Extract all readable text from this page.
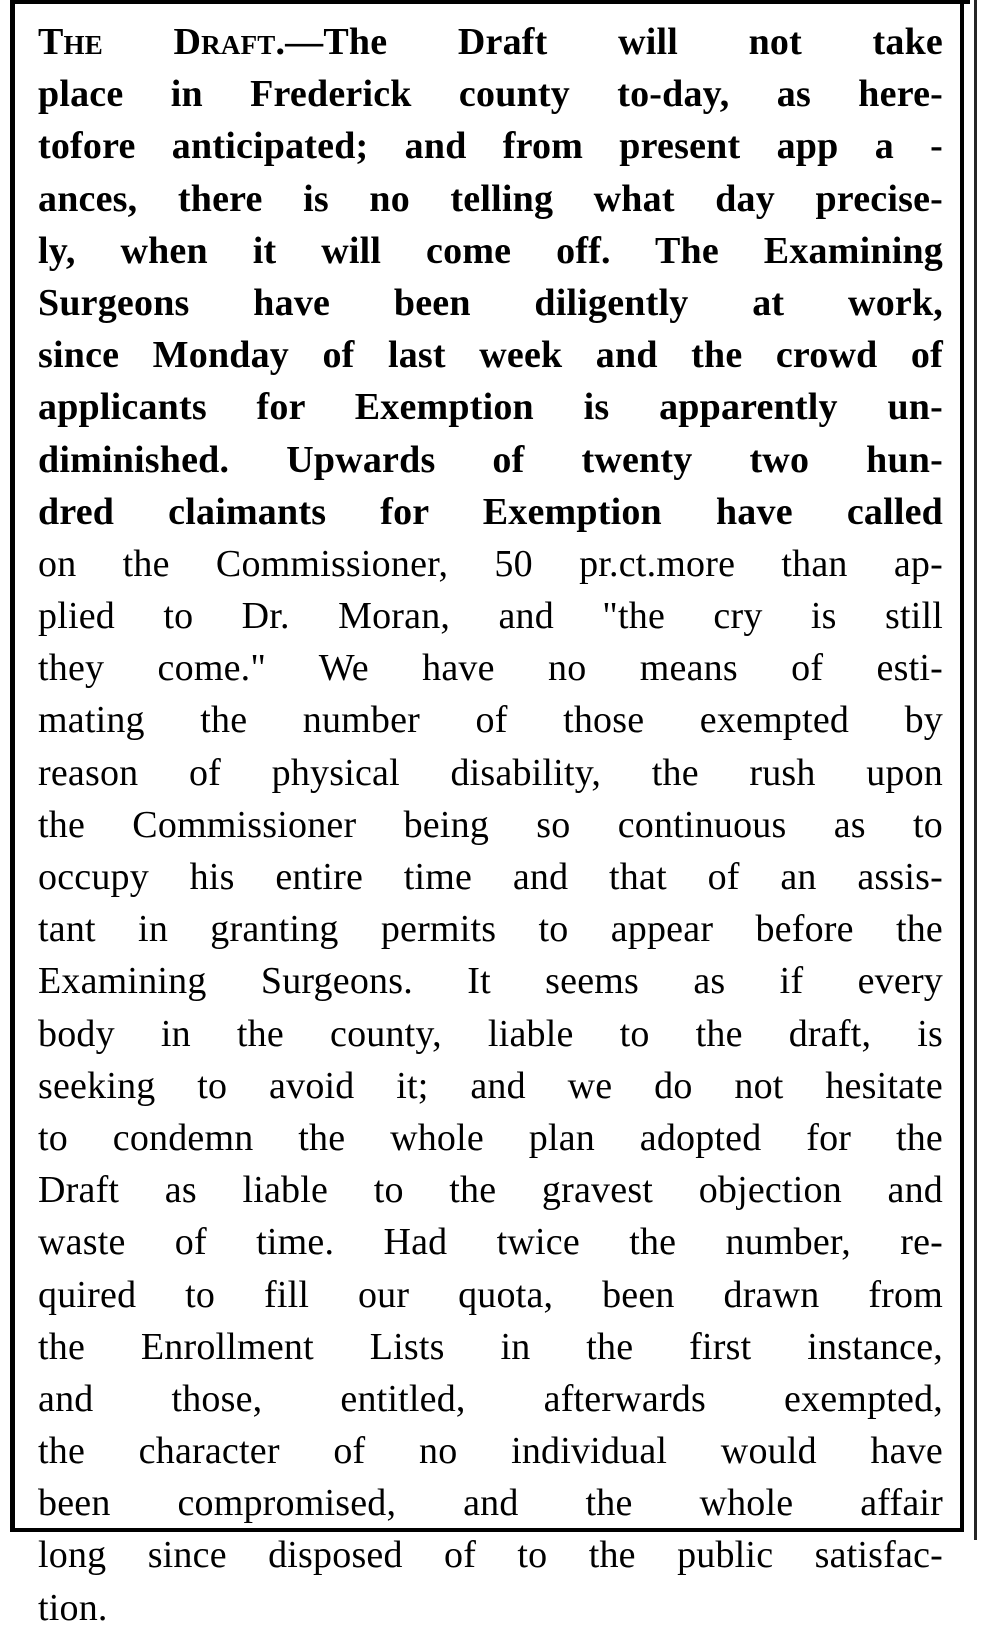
The Draft.—The Draft will not take
place in Frederick county to-day, as here-
tofore anticipated; and from present app a -
ances, there is no telling what day precise-
ly, when it will come off. The Examining
Surgeons have been diligently at work,
since Monday of last week and the crowd of
applicants for Exemption is apparently un-
diminished. Upwards of twenty two hun-
dred claimants for Exemption have called
on the Commissioner, 50 pr.ct.more than ap-
plied to Dr. Moran, and "the cry is still
they come." We have no means of esti-
mating the number of those exempted by
reason of physical disability, the rush upon
the Commissioner being so continuous as to
occupy his entire time and that of an assis-
tant in granting permits to appear before the
Examining Surgeons. It seems as if every
body in the county, liable to the draft, is
seeking to avoid it; and we do not hesitate
to condemn the whole plan adopted for the
Draft as liable to the gravest objection and
waste of time. Had twice the number, re-
quired to fill our quota, been drawn from
the Enrollment Lists in the first instance,
and those, entitled, afterwards exempted,
the character of no individual would have
been compromised, and the whole affair
long since disposed of to the public satisfac-
tion.
